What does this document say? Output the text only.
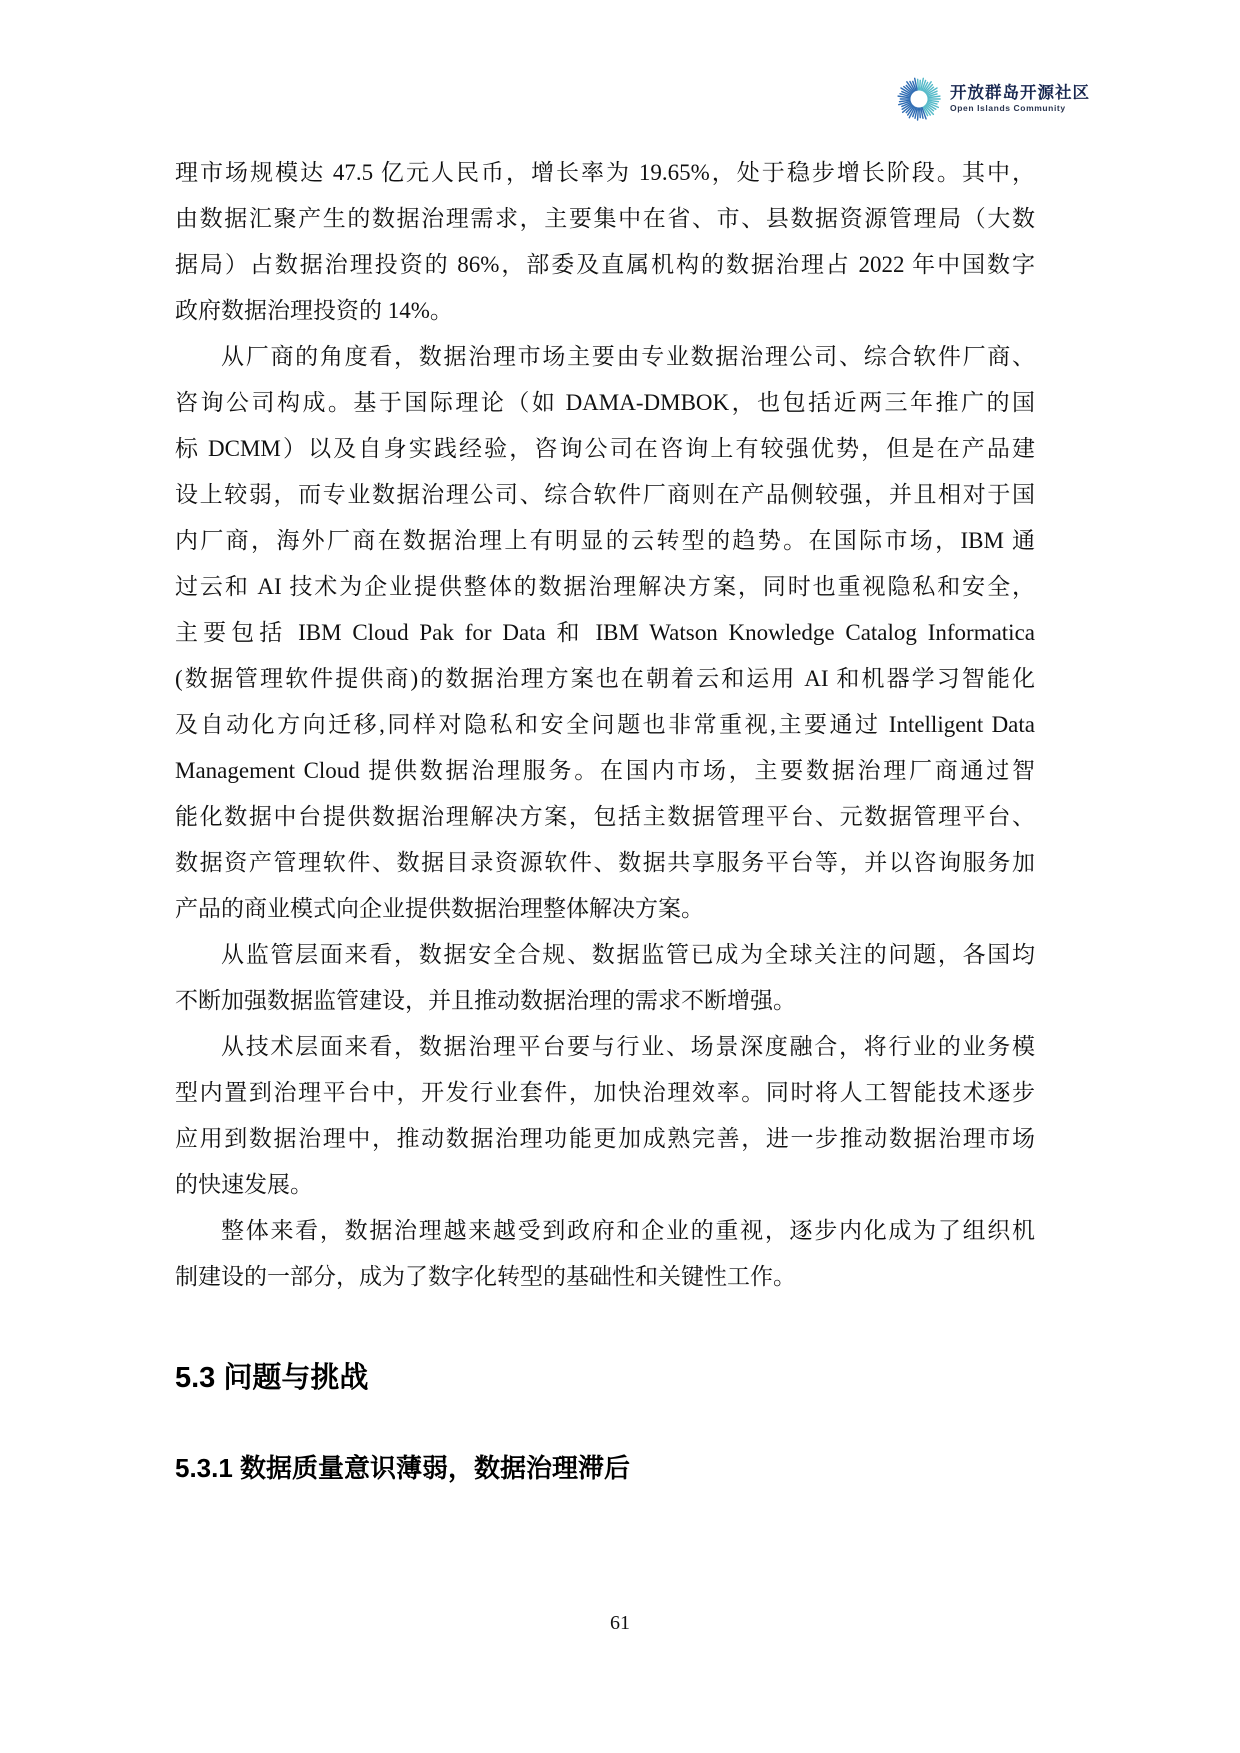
开放群岛开源社区
Open Islands Community
理市场规模达 47.5 亿元人民币，增长率为 19.65%，处于稳步增长阶段。其中，
由数据汇聚产生的数据治理需求，主要集中在省、市、县数据资源管理局（大数
据局）占数据治理投资的 86%，部委及直属机构的数据治理占 2022 年中国数字
政府数据治理投资的 14%。
从厂商的角度看，数据治理市场主要由专业数据治理公司、综合软件厂商、
咨询公司构成。基于国际理论（如 DAMA-DMBOK，也包括近两三年推广的国
标 DCMM）以及自身实践经验，咨询公司在咨询上有较强优势，但是在产品建
设上较弱，而专业数据治理公司、综合软件厂商则在产品侧较强，并且相对于国
内厂商，海外厂商在数据治理上有明显的云转型的趋势。在国际市场，IBM 通
过云和 AI 技术为企业提供整体的数据治理解决方案，同时也重视隐私和安全，
主要包括 IBM Cloud Pak for Data 和 IBM Watson Knowledge Catalog Informatica
(数据管理软件提供商)的数据治理方案也在朝着云和运用 AI 和机器学习智能化
及自动化方向迁移,同样对隐私和安全问题也非常重视,主要通过 Intelligent Data
Management Cloud 提供数据治理服务。在国内市场，主要数据治理厂商通过智
能化数据中台提供数据治理解决方案，包括主数据管理平台、元数据管理平台、
数据资产管理软件、数据目录资源软件、数据共享服务平台等，并以咨询服务加
产品的商业模式向企业提供数据治理整体解决方案。
从监管层面来看，数据安全合规、数据监管已成为全球关注的问题，各国均
不断加强数据监管建设，并且推动数据治理的需求不断增强。
从技术层面来看，数据治理平台要与行业、场景深度融合，将行业的业务模
型内置到治理平台中，开发行业套件，加快治理效率。同时将人工智能技术逐步
应用到数据治理中，推动数据治理功能更加成熟完善，进一步推动数据治理市场
的快速发展。
整体来看，数据治理越来越受到政府和企业的重视，逐步内化成为了组织机
制建设的一部分，成为了数字化转型的基础性和关键性工作。
5.3 问题与挑战
5.3.1 数据质量意识薄弱，数据治理滞后
61
